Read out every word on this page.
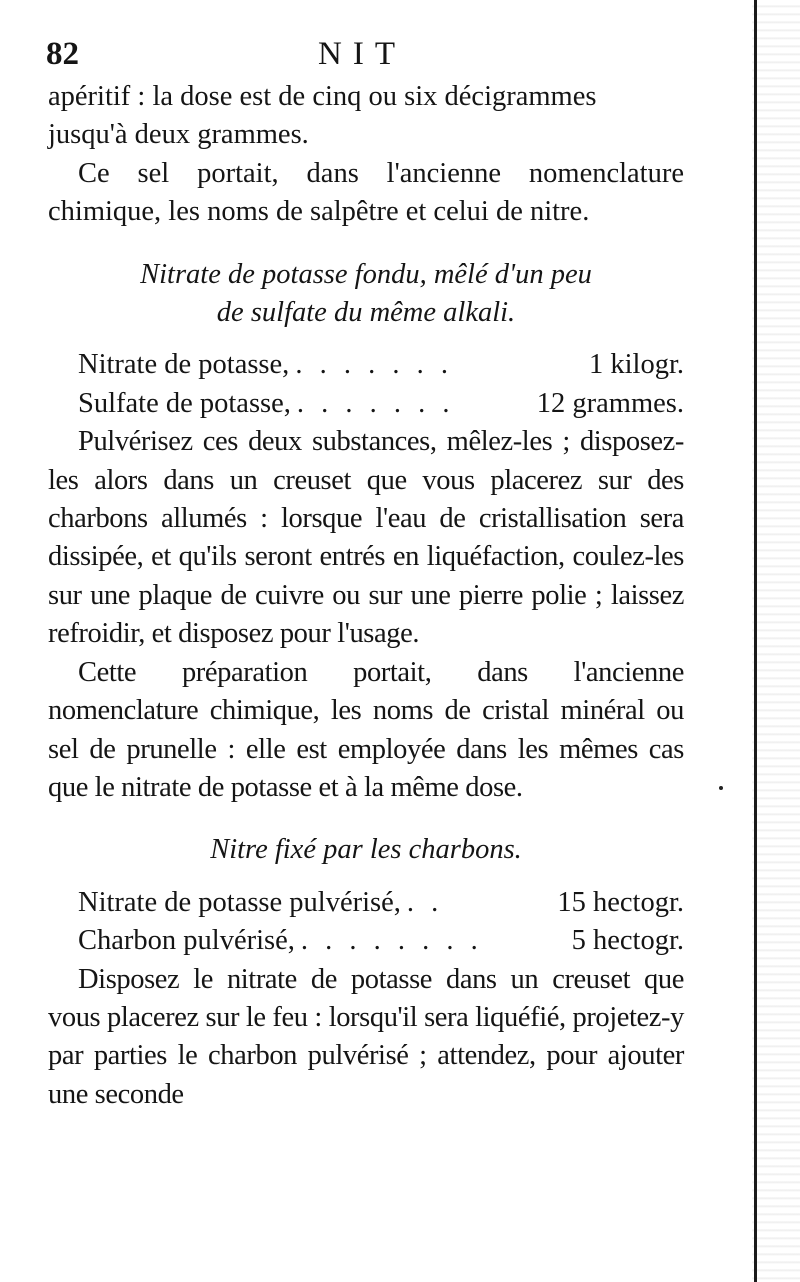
82	NIT

apéritif : la dose est de cinq ou six décigrammes

jusqu'à deux grammes.

Ce sel portait, dans l'ancienne nomenclature chimique, les noms de salpêtre et celui de nitre.

Nitrate de potasse fondu, mêlé d'un peu

de sulfate du même alkali.

Nitrate de potasse, . . . . . . .	1 kilogr.
Sulfate de potasse, . . . . . . .	12 grammes.

Pulvérisez ces deux substances, mêlez-les ; disposez-les alors dans un creuset que vous placerez sur des charbons allumés : lorsque l'eau de cristallisation sera dissipée, et qu'ils seront entrés en liquéfaction, coulez-les sur une plaque de cuivre ou sur une pierre polie ; laissez refroidir, et disposez pour l'usage.

Cette préparation portait, dans l'ancienne nomenclature chimique, les noms de cristal minéral ou sel de prunelle : elle est employée dans les mêmes cas que le nitrate de potasse et à la même dose.

Nitre fixé par les charbons.

Nitrate de potasse pulvérisé, . .	15 hectogr.
Charbon pulvérisé, . . . . . . . .	5 hectogr.

Disposez le nitrate de potasse dans un creuset que vous placerez sur le feu : lorsqu'il sera liquéfié, projetez-y par parties le charbon pulvérisé ; attendez, pour ajouter une seconde
